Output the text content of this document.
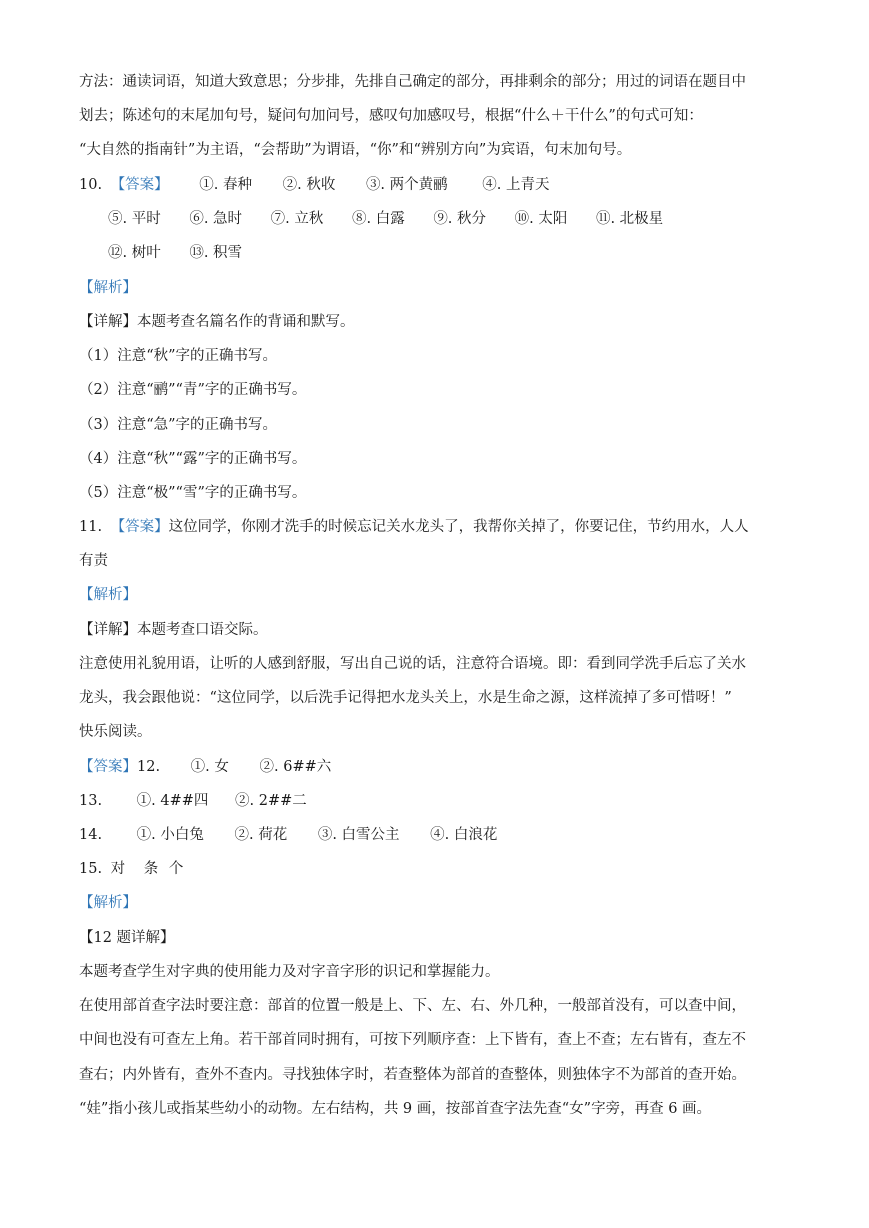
方法：通读词语，知道大致意思；分步排，先排自己确定的部分，再排剩余的部分；用过的词语在题目中
划去；陈述句的末尾加句号，疑问句加问号，感叹句加感叹号，根据“什么＋干什么”的句式可知：
“大自然的指南针”为主语，“会帮助”为谓语，“你”和“辨别方向”为宾语，句末加句号。
10. 【答案】 ①. 春种 ②. 秋收 ③. 两个黄鹂 ④. 上青天
⑤. 平时 ⑥. 急时 ⑦. 立秋 ⑧. 白露 ⑨. 秋分 ⑩. 太阳 ⑪. 北极星
⑫. 树叶 ⑬. 积雪
【解析】
【详解】本题考查名篇名作的背诵和默写。
（1）注意“秋”字的正确书写。
（2）注意“鹂”“青”字的正确书写。
（3）注意“急”字的正确书写。
（4）注意“秋”“露”字的正确书写。
（5）注意“极”“雪”字的正确书写。
11. 【答案】这位同学，你刚才洗手的时候忘记关水龙头了，我帮你关掉了，你要记住，节约用水，人人
有责
【解析】
【详解】本题考查口语交际。
注意使用礼貌用语，让听的人感到舒服，写出自己说的话，注意符合语境。即：看到同学洗手后忘了关水
龙头，我会跟他说：“这位同学，以后洗手记得把水龙头关上，水是生命之源，这样流掉了多可惜呀！”
快乐阅读。
【答案】12. ①. 女 ②. 6##六
13. ①. 4##四 ②. 2##二
14. ①. 小白兔 ②. 荷花 ③. 白雪公主 ④. 白浪花
15. 对 条 个
【解析】
【12 题详解】
本题考查学生对字典的使用能力及对字音字形的识记和掌握能力。
在使用部首查字法时要注意：部首的位置一般是上、下、左、右、外几种，一般部首没有，可以查中间，
中间也没有可查左上角。若干部首同时拥有，可按下列顺序查：上下皆有，查上不查；左右皆有，查左不
查右；内外皆有，查外不查内。寻找独体字时，若查整体为部首的查整体，则独体字不为部首的查开始。
“娃”指小孩儿或指某些幼小的动物。左右结构，共 9 画，按部首查字法先查“女”字旁，再查 6 画。
